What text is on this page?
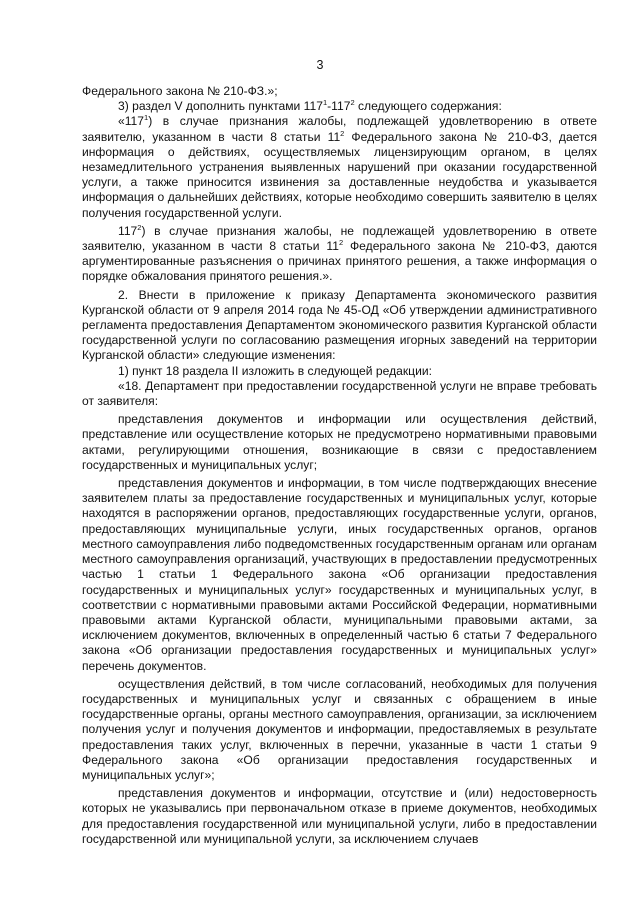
3

Федерального закона № 210-ФЗ.»;

3) раздел V дополнить пунктами $117^1-117^2$ следующего содержания:

«$117^1$) в случае признания жалобы, подлежащей удовлетворению в ответе заявителю, указанном в части 8 статьи $11^2$ Федерального закона № 210-ФЗ, дается информация о действиях, осуществляемых лицензирующим органом, в целях незамедлительного устранения выявленных нарушений при оказании государственной услуги, а также приносится извинения за доставленные неудобства и указывается информация о дальнейших действиях, которые необходимо совершить заявителю в целях получения государственной услуги.

$117^2$) в случае признания жалобы, не подлежащей удовлетворению в ответе заявителю, указанном в части 8 статьи $11^2$ Федерального закона № 210-ФЗ, даются аргументированные разъяснения о причинах принятого решения, а также информация о порядке обжалования принятого решения.».

2. Внести в приложение к приказу Департамента экономического развития Курганской области от 9 апреля 2014 года № 45-ОД «Об утверждении административного регламента предоставления Департаментом экономического развития Курганской области государственной услуги по согласованию размещения игорных заведений на территории Курганской области» следующие изменения:

1) пункт 18 раздела II изложить в следующей редакции:

«18. Департамент при предоставлении государственной услуги не вправе требовать от заявителя:

представления документов и информации или осуществления действий, представление или осуществление которых не предусмотрено нормативными правовыми актами, регулирующими отношения, возникающие в связи с предоставлением государственных и муниципальных услуг;

представления документов и информации, в том числе подтверждающих внесение заявителем платы за предоставление государственных и муниципальных услуг, которые находятся в распоряжении органов, предоставляющих государственные услуги, органов, предоставляющих муниципальные услуги, иных государственных органов, органов местного самоуправления либо подведомственных государственным органам или органам местного самоуправления организаций, участвующих в предоставлении предусмотренных частью 1 статьи 1 Федерального закона «Об организации предоставления государственных и муниципальных услуг» государственных и муниципальных услуг, в соответствии с нормативными правовыми актами Российской Федерации, нормативными правовыми актами Курганской области, муниципальными правовыми актами, за исключением документов, включенных в определенный частью 6 статьи 7 Федерального закона «Об организации предоставления государственных и муниципальных услуг» перечень документов.

осуществления действий, в том числе согласований, необходимых для получения государственных и муниципальных услуг и связанных с обращением в иные государственные органы, органы местного самоуправления, организации, за исключением получения услуг и получения документов и информации, предоставляемых в результате предоставления таких услуг, включенных в перечни, указанные в части 1 статьи 9 Федерального закона «Об организации предоставления государственных и муниципальных услуг»;

представления документов и информации, отсутствие и (или) недостоверность которых не указывались при первоначальном отказе в приеме документов, необходимых для предоставления государственной или муниципальной услуги, либо в предоставлении государственной или муниципальной услуги, за исключением случаев
